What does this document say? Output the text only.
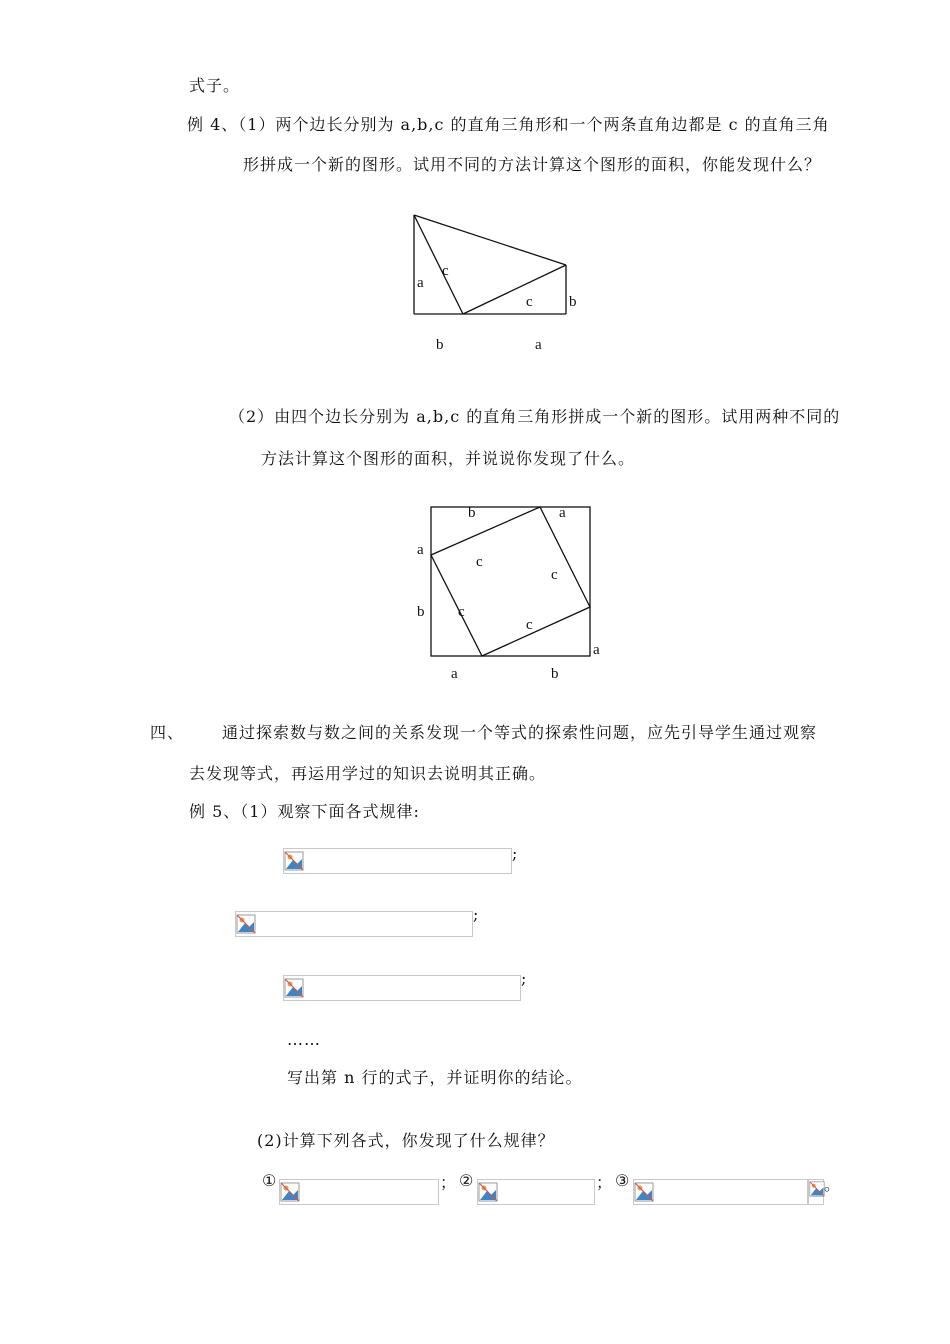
式子。
例 4、（1）两个边长分别为 a,b,c 的直角三角形和一个两条直角边都是 c 的直角三角
形拼成一个新的图形。试用不同的方法计算这个图形的面积，你能发现什么？
a
c
c b
b	a
（2）由四个边长分别为 a,b,c 的直角三角形拼成一个新的图形。试用两种不同的
方法计算这个图形的面积，并说说你发现了什么。
b	a
a
c
c
b c
c
a
a	b
四、 通过探索数与数之间的关系发现一个等式的探索性问题，应先引导学生通过观察
去发现等式，再运用学过的知识去说明其正确。
例 5、（1）观察下面各式规律:
;
;
;
……
写出第 n 行的式子，并证明你的结论。
(2)计算下列各式，你发现了什么规律？
①	； ②	； ③	。
